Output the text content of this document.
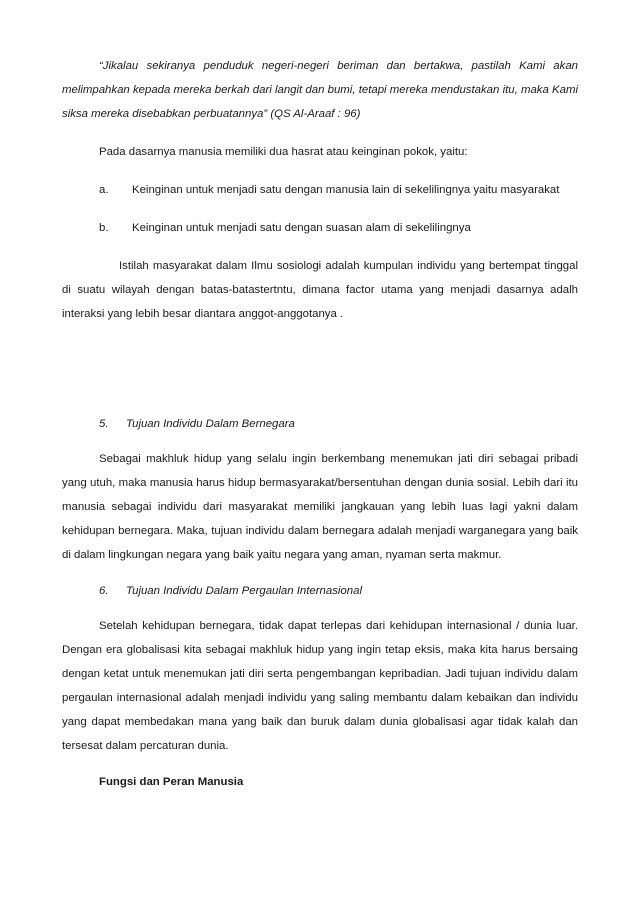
“Jikalau sekiranya penduduk negeri-negeri beriman dan bertakwa, pastilah Kami akan melimpahkan kepada mereka berkah dari langit dan bumi, tetapi mereka mendustakan itu, maka Kami siksa mereka disebabkan perbuatannya” (QS Al-Araaf : 96)

Pada dasarnya manusia memiliki dua hasrat atau keinginan pokok, yaitu:

a.	Keinginan untuk menjadi satu dengan manusia lain di sekelilingnya yaitu masyarakat
b.	Keinginan untuk menjadi satu dengan suasan alam di sekelilingnya

Istilah masyarakat dalam Ilmu sosiologi adalah kumpulan individu yang bertempat tinggal di suatu wilayah dengan batas-batastertntu, dimana factor utama yang menjadi dasarnya adalh interaksi yang lebih besar diantara anggot-anggotanya .

5.	Tujuan Individu Dalam Bernegara

Sebagai makhluk hidup yang selalu ingin berkembang menemukan jati diri sebagai pribadi yang utuh, maka manusia harus hidup bermasyarakat/bersentuhan dengan dunia sosial. Lebih dari itu manusia sebagai individu dari masyarakat memiliki jangkauan yang lebih luas lagi yakni dalam kehidupan bernegara. Maka, tujuan individu dalam bernegara adalah menjadi warganegara yang baik di dalam lingkungan negara yang baik yaitu negara yang aman, nyaman serta makmur.

6.	Tujuan Individu Dalam Pergaulan Internasional

Setelah kehidupan bernegara, tidak dapat terlepas dari kehidupan internasional / dunia luar. Dengan era globalisasi kita sebagai makhluk hidup yang ingin tetap eksis, maka kita harus bersaing dengan ketat untuk menemukan jati diri serta pengembangan kepribadian. Jadi tujuan individu dalam pergaulan internasional adalah menjadi individu yang saling membantu dalam kebaikan dan individu yang dapat membedakan mana yang baik dan buruk dalam dunia globalisasi agar tidak kalah dan tersesat dalam percaturan dunia.

Fungsi dan Peran Manusia
